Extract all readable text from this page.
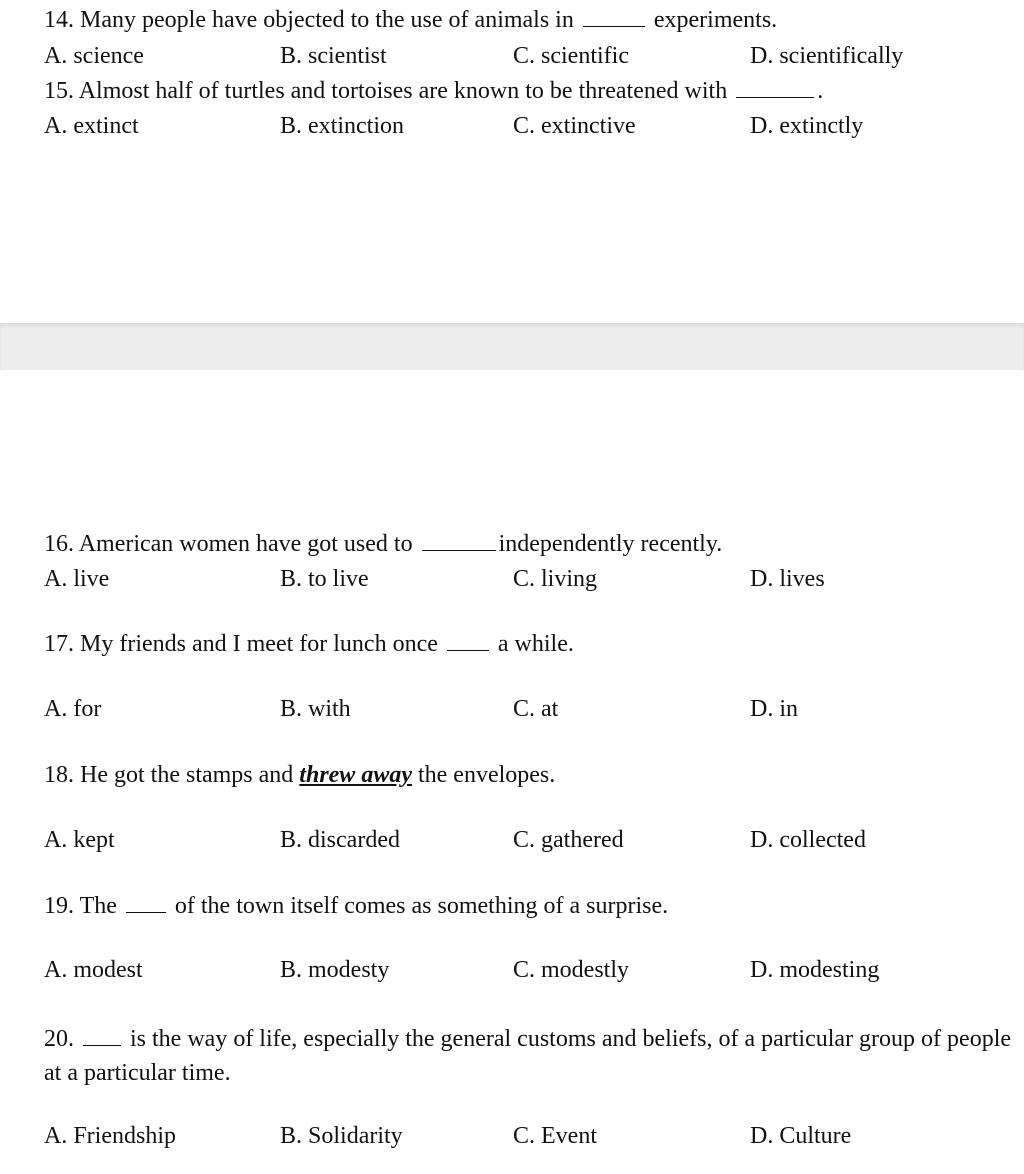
14. Many people have objected to the use of animals in	experiments.
A. science	B. scientist	C. scientific	D. scientifically
15. Almost half of turtles and tortoises are known to be threatened with	.
A. extinct	B. extinction	C. extinctive	D. extinctly
16. American women have got used to	independently recently.
A. live	B. to live	C. living	D. lives
17. My friends and I meet for lunch once	a while.
A. for	B. with	C. at	D. in
18. He got the stamps and threw away the envelopes.
A. kept	B. discarded	C. gathered	D. collected
19. The of the town itself comes as something of a surprise.
A. modest	B. modesty	C. modestly	D. modesting
20. is the way of life, especially the general customs and beliefs, of a particular group of people at a particular time.
A. Friendship	B. Solidarity	C. Event	D. Culture
